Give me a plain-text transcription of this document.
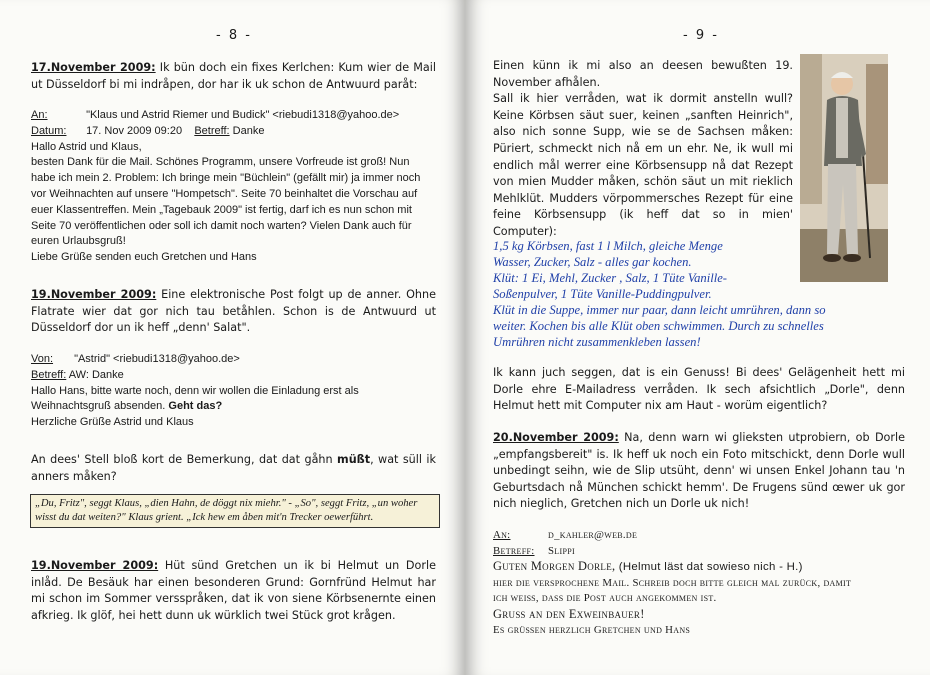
- 8 -

17.November 2009: Ik bün doch ein fixes Kerlchen: Kum wier de Mail ut Düsseldorf bi mi indråpen, dor har ik uk schon de Antwuurd paråt:

An:	"Klaus und Astrid Riemer und Budick" <riebudi1318@yahoo.de>
Datum: 17. Nov 2009 09:20 Betreff: Danke
Hallo Astrid und Klaus,
besten Dank für die Mail. Schönes Programm, unsere Vorfreude ist groß! Nun habe ich mein 2. Problem: Ich bringe mein "Büchlein" (gefällt mir) ja immer noch vor Weihnachten auf unsere "Hompetsch". Seite 70 beinhaltet die Vorschau auf euer Klassentreffen. Mein „Tagebauk 2009" ist fertig, darf ich es nun schon mit Seite 70 veröffentlichen oder soll ich damit noch warten? Vielen Dank auch für euren Urlaubsgruß!
Liebe Grüße senden euch Gretchen und Hans

19.November 2009: Eine elektronische Post folgt up de anner. Ohne Flatrate wier dat gor nich tau betåhlen. Schon is de Antwuurd ut Düsseldorf dor un ik heff „denn' Salat".

Von: "Astrid" <riebudi1318@yahoo.de>
Betreff: AW: Danke
Hallo Hans, bitte warte noch, denn wir wollen die Einladung erst als Weihnachtsgruß absenden. Geht das?
Herzliche Grüße Astrid und Klaus

An dees' Stell bloß kort de Bemerkung, dat dat gåhn müßt, wat süll ik anners måken?

„Du, Fritz", seggt Klaus, „dien Hahn, de döggt nix miehr." - „So", seggt Fritz, „un woher wisst du dat weiten?" Klaus grient. „Ick hew em åben mit'n Trecker oewerführt.

19.November 2009: Hüt sünd Gretchen un ik bi Helmut un Dorle inlåd. De Besäuk har einen besonderen Grund: Gornfründ Helmut har mi schon im Sommer versspråken, dat ik von siene Körbsenernte einen afkrieg. Ik glöf, hei hett dunn uk würklich twei Stück grot krågen.

- 9 -

Einen künn ik mi also an deesen bewußten 19. November afhålen.
Sall ik hier verråden, wat ik dormit anstelln wull? Keine Körbsen säut suer, keinen „sanften Heinrich", also nich sonne Supp, wie se de Sachsen måken: Püriert, schmeckt nich nå em un ehr. Ne, ik wull mi endlich mål werrer eine Körbsensupp nå dat Rezept von mien Mudder måken, schön säut un mit rieklich Mehlklüt. Mudders vörpommersches Rezept für eine feine Körbsensupp (ik heff dat so in mien' Computer):

1,5 kg Körbsen, fast 1 l Milch, gleiche Menge
Wasser, Zucker, Salz - alles gar kochen.
Klüt: 1 Ei, Mehl, Zucker , Salz, 1 Tüte Vanille-
Soßenpulver, 1 Tüte Vanille-Puddingpulver.
Klüt in die Suppe, immer nur paar, dann leicht umrühren, dann so
weiter. Kochen bis alle Klüt oben schwimmen. Durch zu schnelles
Umrühren nicht zusammenkleben lassen!

Ik kann juch seggen, dat is ein Genuss! Bi dees' Gelägenheit hett mi Dorle ehre E-Mailadress verråden. Ik sech afsichtlich „Dorle", denn Helmut hett mit Computer nix am Haut - worüm eigentlich?

20.November 2009: Na, denn warn wi glieksten utprobiern, ob Dorle „empfangsbereit" is. Ik heff uk noch ein Foto mitschickt, denn Dorle wull unbedingt seihn, wie de Slip utsüht, denn' wi unsen Enkel Johann tau 'n Geburtsdach nå München schickt hemm'. De Frugens sünd œwer uk gor nich nieglich, Gretchen nich un Dorle uk nich!

An:	d_kahler@web.de
Betreff: Slippi
Guten Morgen Dorle, (Helmut läst dat sowieso nich - H.)
hier die versprochene Mail. Schreib doch bitte gleich mal zurück, damit
ich weiß, dass die Post auch angekommen ist.
Gruß an den Exweinbauer!
Es grüßen herzlich Gretchen und Hans
